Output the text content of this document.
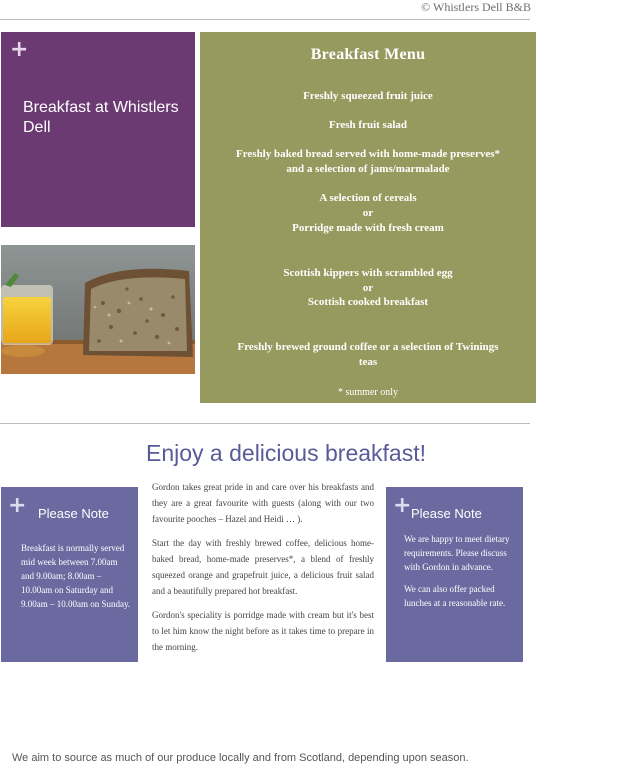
© Whistlers Dell B&B
+
Breakfast at Whistlers Dell
Breakfast Menu
Freshly squeezed fruit juice
Fresh fruit salad
Freshly baked bread served with home-made preserves* and a selection of jams/marmalade
A selection of cereals
or
Porridge made with fresh cream
Scottish kippers with scrambled egg
or
Scottish cooked breakfast
Freshly brewed ground coffee or a selection of Twinings teas
* summer only
Enjoy a delicious breakfast!
+ Please Note
Breakfast is normally served mid week between 7.00am and 9.00am; 8.00am – 10.00am on Saturday and 9.00am – 10.00am on Sunday.

Gordon takes great pride in and care over his breakfasts and they are a great favourite with guests (along with our two favourite pooches – Hazel and Heidi … ).

Start the day with freshly brewed coffee, delicious home-baked bread, home-made preserves*, a blend of freshly squeezed orange and grapefruit juice, a delicious fruit salad and a beautifully prepared hot breakfast.

Gordon's speciality is porridge made with cream but it's best to let him know the night before as it takes time to prepare in the morning.

+ Please Note

We are happy to meet dietary requirements. Please discuss with Gordon in advance.

We can also offer packed lunches at a reasonable rate.

We aim to source as much of our produce locally and from Scotland, depending upon season.
